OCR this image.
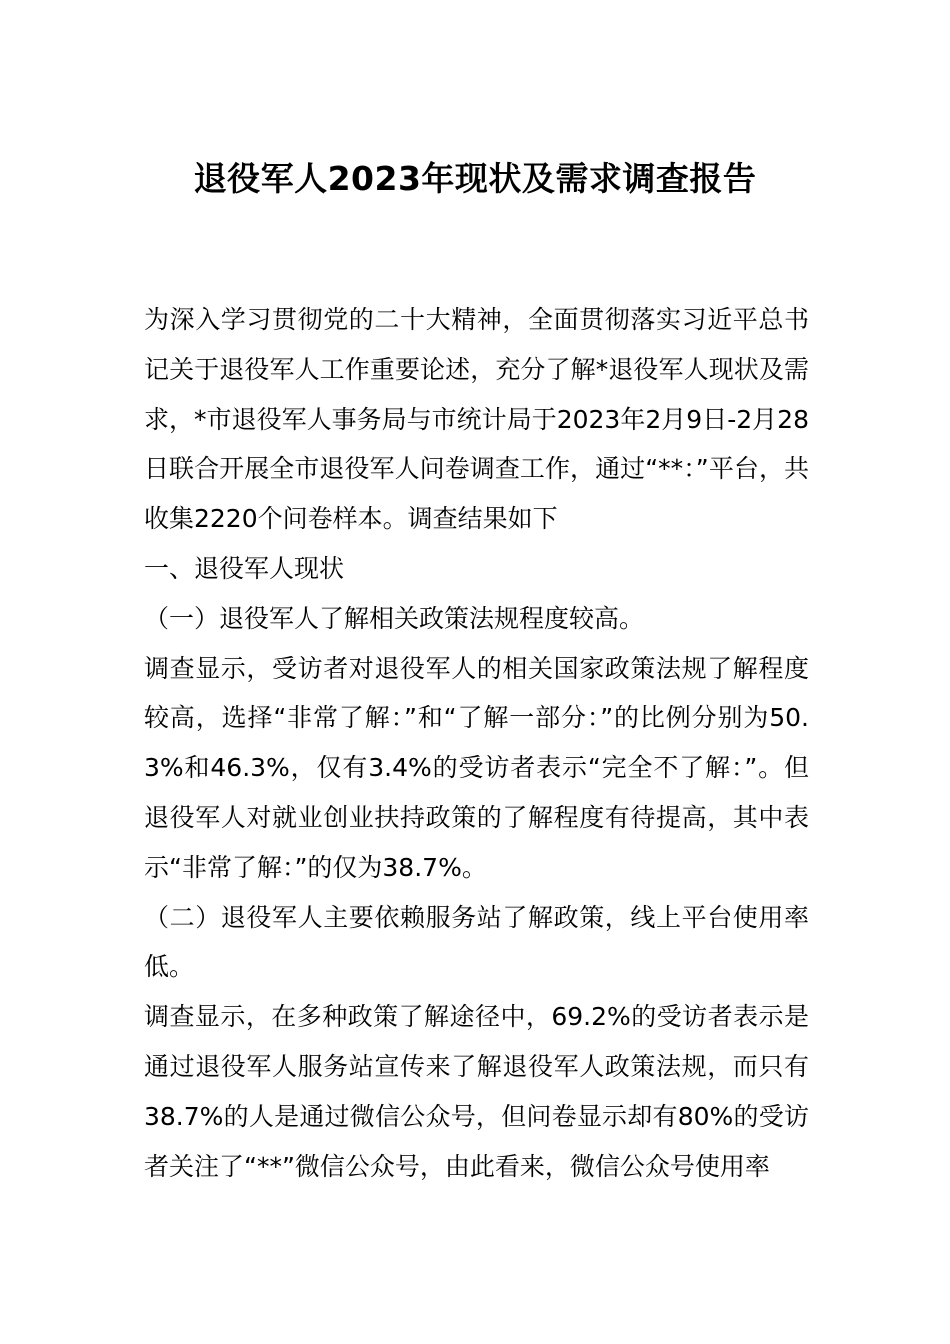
退役军人2023年现状及需求调查报告

为深入学习贯彻党的二十大精神，全面贯彻落实习近平总书记关于退役军人工作重要论述，充分了解*退役军人现状及需求，*市退役军人事务局与市统计局于2023年2月9日-2月28日联合开展全市退役军人问卷调查工作，通过“**：”平台，共收集2220个问卷样本。调查结果如下

一、退役军人现状

（一）退役军人了解相关政策法规程度较高。

调查显示，受访者对退役军人的相关国家政策法规了解程度较高，选择“非常了解：”和“了解一部分：”的比例分别为50.3%和46.3%，仅有3.4%的受访者表示“完全不了解：”。但退役军人对就业创业扶持政策的了解程度有待提高，其中表示“非常了解：”的仅为38.7%。

（二）退役军人主要依赖服务站了解政策，线上平台使用率低。

调查显示，在多种政策了解途径中，69.2%的受访者表示是通过退役军人服务站宣传来了解退役军人政策法规，而只有38.7%的人是通过微信公众号，但问卷显示却有80%的受访者关注了“**”微信公众号，由此看来，微信公众号使用率
